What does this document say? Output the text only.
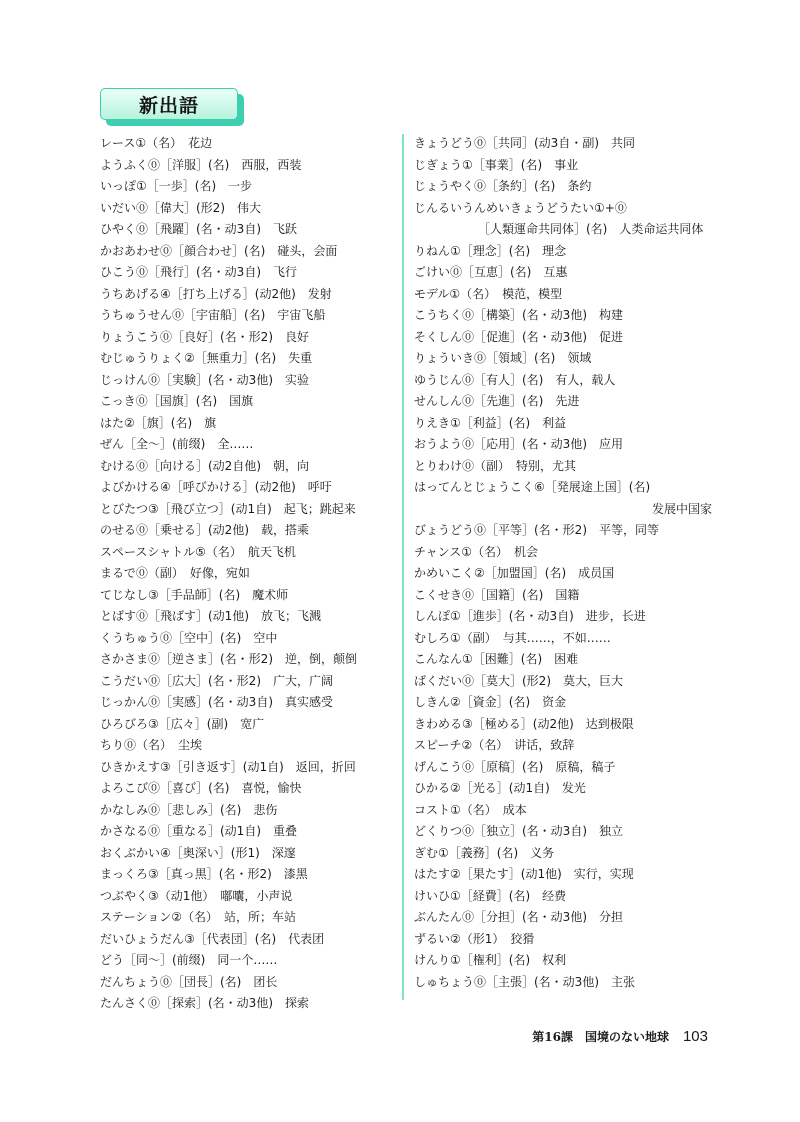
新出語
レース①（名）　花边
ようふく⓪［洋服］(名)　西服，西装
いっぽ①［一歩］(名)　一步
いだい⓪［偉大］(形2)　伟大
ひやく⓪［飛躍］(名・动3自)　飞跃
かおあわせ⓪［顔合わせ］(名)　碰头，会面
ひこう⓪［飛行］(名・动3自)　飞行
うちあげる④［打ち上げる］(动2他)　发射
うちゅうせん⓪［宇宙船］(名)　宇宙飞船
りょうこう⓪［良好］(名・形2)　良好
むじゅうりょく②［無重力］(名)　失重
じっけん⓪［実験］(名・动3他)　实验
こっき⓪［国旗］(名)　国旗
はた②［旗］(名)　旗
ぜん［全～］(前缀)　全……
むける⓪［向ける］(动2自他)　朝，向
よびかける④［呼びかける］(动2他)　呼吁
とびたつ③［飛び立つ］(动1自)　起飞；跳起来
のせる⓪［乗せる］(动2他)　载，搭乘
スペースシャトル⑤（名）　航天飞机
まるで⓪（副）　好像，宛如
てじなし③［手品師］(名)　魔术师
とばす⓪［飛ばす］(动1他)　放飞；飞溅
くうちゅう⓪［空中］(名)　空中
さかさま⓪［逆さま］(名・形2)　逆，倒，颠倒
こうだい⓪［広大］(名・形2)　广大，广阔
じっかん⓪［実感］(名・动3自)　真实感受
ひろびろ③［広々］(副)　宽广
ちり⓪（名）　尘埃
ひきかえす③［引き返す］(动1自)　返回，折回
よろこび⓪［喜び］(名)　喜悦，愉快
かなしみ⓪［悲しみ］(名)　悲伤
かさなる⓪［重なる］(动1自)　重叠
おくぶかい④［奥深い］(形1)　深邃
まっくろ③［真っ黒］(名・形2)　漆黑
つぶやく③（动1他）　嘟囔，小声说
ステーション②（名）　站，所；车站
だいひょうだん③［代表団］(名)　代表团
どう［同～］(前缀)　同一个……
だんちょう⓪［団長］(名)　团长
たんさく⓪［探索］(名・动3他)　探索
きょうどう⓪［共同］(动3自・副)　共同
じぎょう①［事業］(名)　事业
じょうやく⓪［条約］(名)　条约
じんるいうんめいきょうどうたい①+⓪
［人類運命共同体］(名)　人类命运共同体
りねん①［理念］(名)　理念
ごけい⓪［互恵］(名)　互惠
モデル①（名）　模范，模型
こうちく⓪［構築］(名・动3他)　构建
そくしん⓪［促進］(名・动3他)　促进
りょういき⓪［領域］(名)　领域
ゆうじん⓪［有人］(名)　有人，载人
せんしん⓪［先進］(名)　先进
りえき①［利益］(名)　利益
おうよう⓪［応用］(名・动3他)　应用
とりわけ⓪（副）　特别，尤其
はってんとじょうこく⑥［発展途上国］(名)
发展中国家
びょうどう⓪［平等］(名・形2)　平等，同等
チャンス①（名）　机会
かめいこく②［加盟国］(名)　成员国
こくせき⓪［国籍］(名)　国籍
しんぽ①［進歩］(名・动3自)　进步，长进
むしろ①（副）　与其……，不如……
こんなん①［困難］(名)　困难
ばくだい⓪［莫大］(形2)　莫大，巨大
しきん②［資金］(名)　资金
きわめる③［極める］(动2他)　达到极限
スピーチ②（名）　讲话，致辞
げんこう⓪［原稿］(名)　原稿，稿子
ひかる②［光る］(动1自)　发光
コスト①（名）　成本
どくりつ⓪［独立］(名・动3自)　独立
ぎむ①［義務］(名)　义务
はたす②［果たす］(动1他)　实行，实现
けいひ①［経費］(名)　经费
ぶんたん⓪［分担］(名・动3他)　分担
ずるい②（形1）　狡猾
けんり①［権利］(名)　权利
しゅちょう⓪［主張］(名・动3他)　主张
第16課　国境のない地球 103
